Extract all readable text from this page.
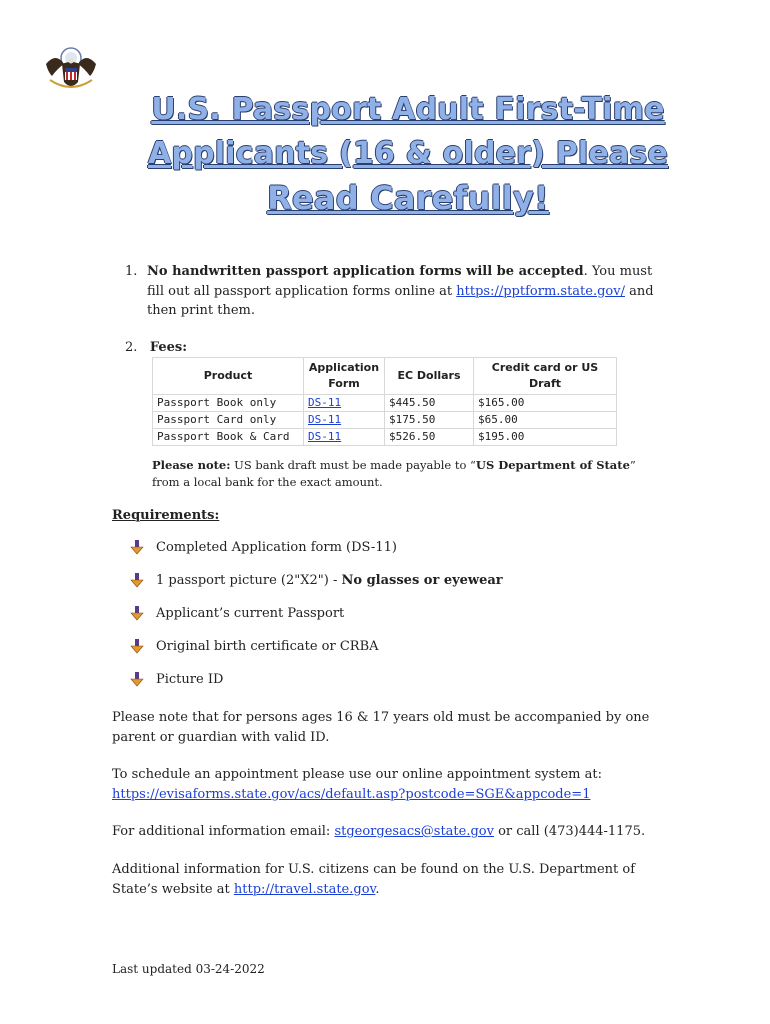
U.S. Passport Adult First-Time
Applicants (16 & older) Please
Read Carefully!
1. No handwritten passport application forms will be accepted. You must fill out all passport application forms online at https://pptform.state.gov/ and then print them.
2. Fees:
Product	Application Form	EC Dollars	Credit card or US Draft
Passport Book only	DS-11	$445.50	$165.00
Passport Card only	DS-11	$175.50	$65.00
Passport Book & Card	DS-11	$526.50	$195.00
Please note: US bank draft must be made payable to “US Department of State” from a local bank for the exact amount.
Requirements:
Completed Application form (DS-11)
1 passport picture (2"X2") - No glasses or eyewear
Applicant’s current Passport
Original birth certificate or CRBA
Picture ID
Please note that for persons ages 16 & 17 years old must be accompanied by one parent or guardian with valid ID.
To schedule an appointment please use our online appointment system at:
https://evisaforms.state.gov/acs/default.asp?postcode=SGE&appcode=1
For additional information email: stgeorgesacs@state.gov or call (473)444-1175.
Additional information for U.S. citizens can be found on the U.S. Department of State’s website at http://travel.state.gov.
Last updated 03-24-2022
